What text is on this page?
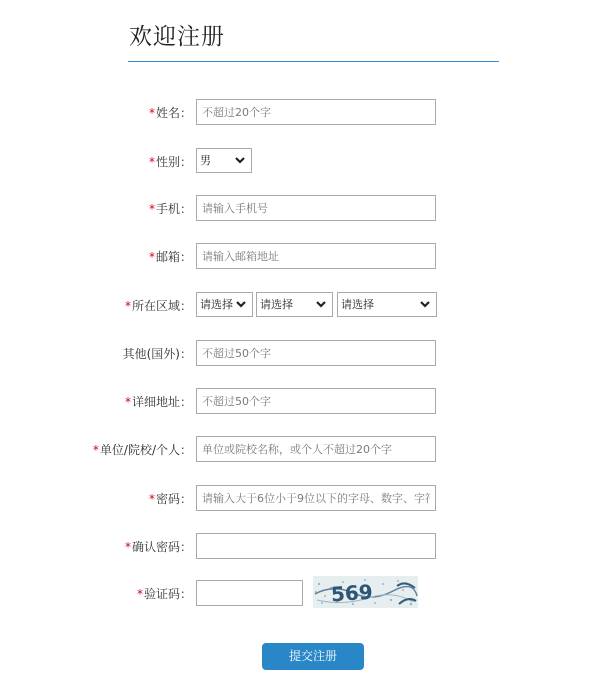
欢迎注册
*姓名：
不超过20个字
*性别： 男
*手机：
请输入手机号
*邮箱：
请输入邮箱地址
*所在区域： 请选择 请选择	请选择
其他(国外)：
不超过50个字
*详细地址：
不超过50个字
*单位/院校/个人：
单位或院校名称，或个人不超过20个字
*密码：
请输入大于6位小于9位以下的字母、数字、字符
*确认密码：
*验证码：	569
提交注册
